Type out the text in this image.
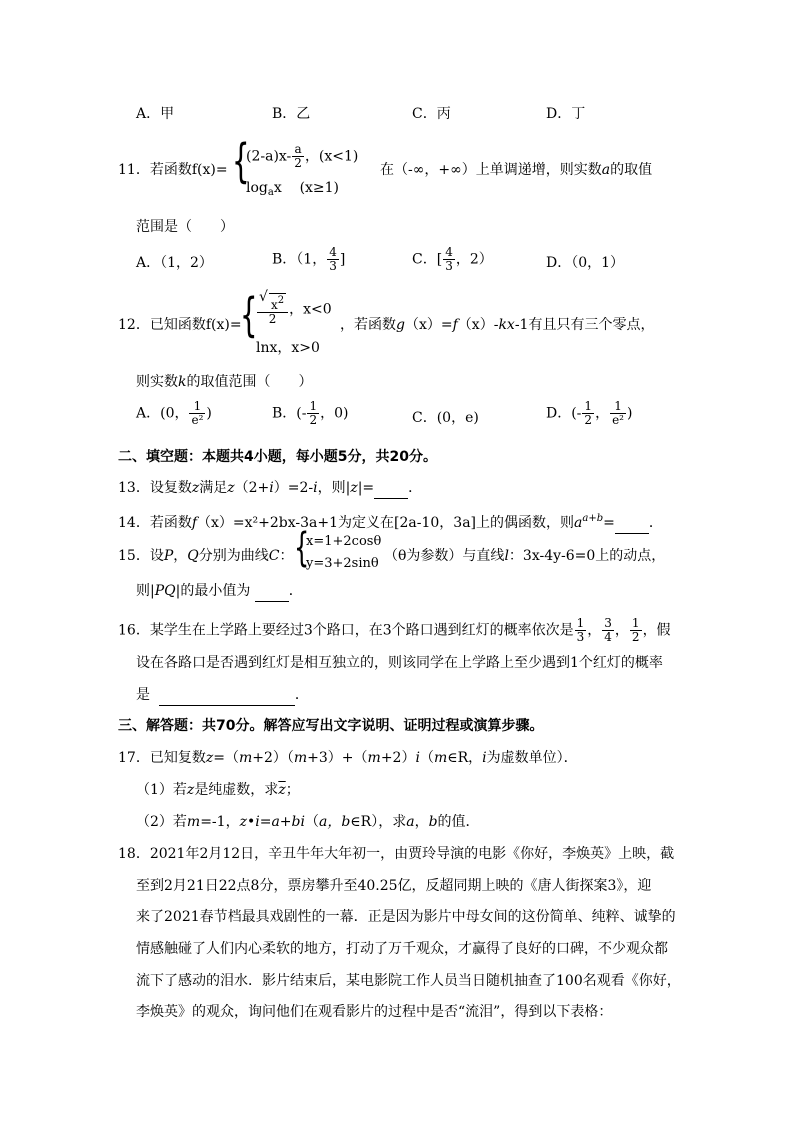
A．甲	B．乙	C．丙	D．丁
11．若函数f(x)= {
$(2-a)x- \frac{a}{2}$ ，(x<1)
$\log_ax$ (x≥1)
在（-∞，+∞）上单调递增，则实数a的取值
范围是（　　）
A．（1，2）	B．（1， $\frac{4}{3}$ ]	C．[ $\frac{4}{3}$ ，2）	D．（0，1）
12．已知函数f(x)=
{ √ $\frac{x^2}{2}$ ，x<0
lnx，x>0
，若函数g（x）=f（x）-kx-1有且只有三个零点，
则实数k的取值范围（　　）
A．(0， $\frac{1}{\text{e²}}$ )	B．(- $\frac{1}{2}$ ，0)	C．(0，e)	D．(- $\frac{1}{2}$ ， $\frac{1}{\text{e²}}$ )
二、填空题：本题共4小题，每小题5分，共20分。
13．设复数z满足z（2+i）=2-i，则|z|= ．
14．若函数f（x）=x²+2bx-3a+1为定义在[2a-10，3a]上的偶函数，则$a^{a+b}=$ ．
15．设P，Q分别为曲线C： {
x=1+2cosθ
y=3+2sinθ （θ为参数）与直线l：3x-4y-6=0上的动点，
则|PQ|的最小值为	．
16．某学生在上学路上要经过3个路口，在3个路口遇到红灯的概率依次是 $\frac{1}{3}$ ， $\frac{3}{4}$ ， $\frac{1}{2}$ ，假
设在各路口是否遇到红灯是相互独立的，则该同学在上学路上至少遇到1个红灯的概率
是	．
三、解答题：共70分。解答应写出文字说明、证明过程或演算步骤。
17．已知复数z=（m+2）（m+3）+（m+2）i（m∈R，i为虚数单位）．
（1）若z是纯虚数，求$\overline{z}$；
（2）若m=-1，z•i=a+bi（a，b∈R），求a，b的值．
18．2021年2月12日，辛丑牛年大年初一，由贾玲导演的电影《你好，李焕英》上映，截
至到2月21日22点8分，票房攀升至40.25亿，反超同期上映的《唐人街探案3》，迎
来了2021春节档最具戏剧性的一幕．正是因为影片中母女间的这份简单、纯粹、诚挚的
情感触碰了人们内心柔软的地方，打动了万千观众，才赢得了良好的口碑，不少观众都
流下了感动的泪水．影片结束后，某电影院工作人员当日随机抽查了100名观看《你好，
李焕英》的观众，询问他们在观看影片的过程中是否“流泪”，得到以下表格：
